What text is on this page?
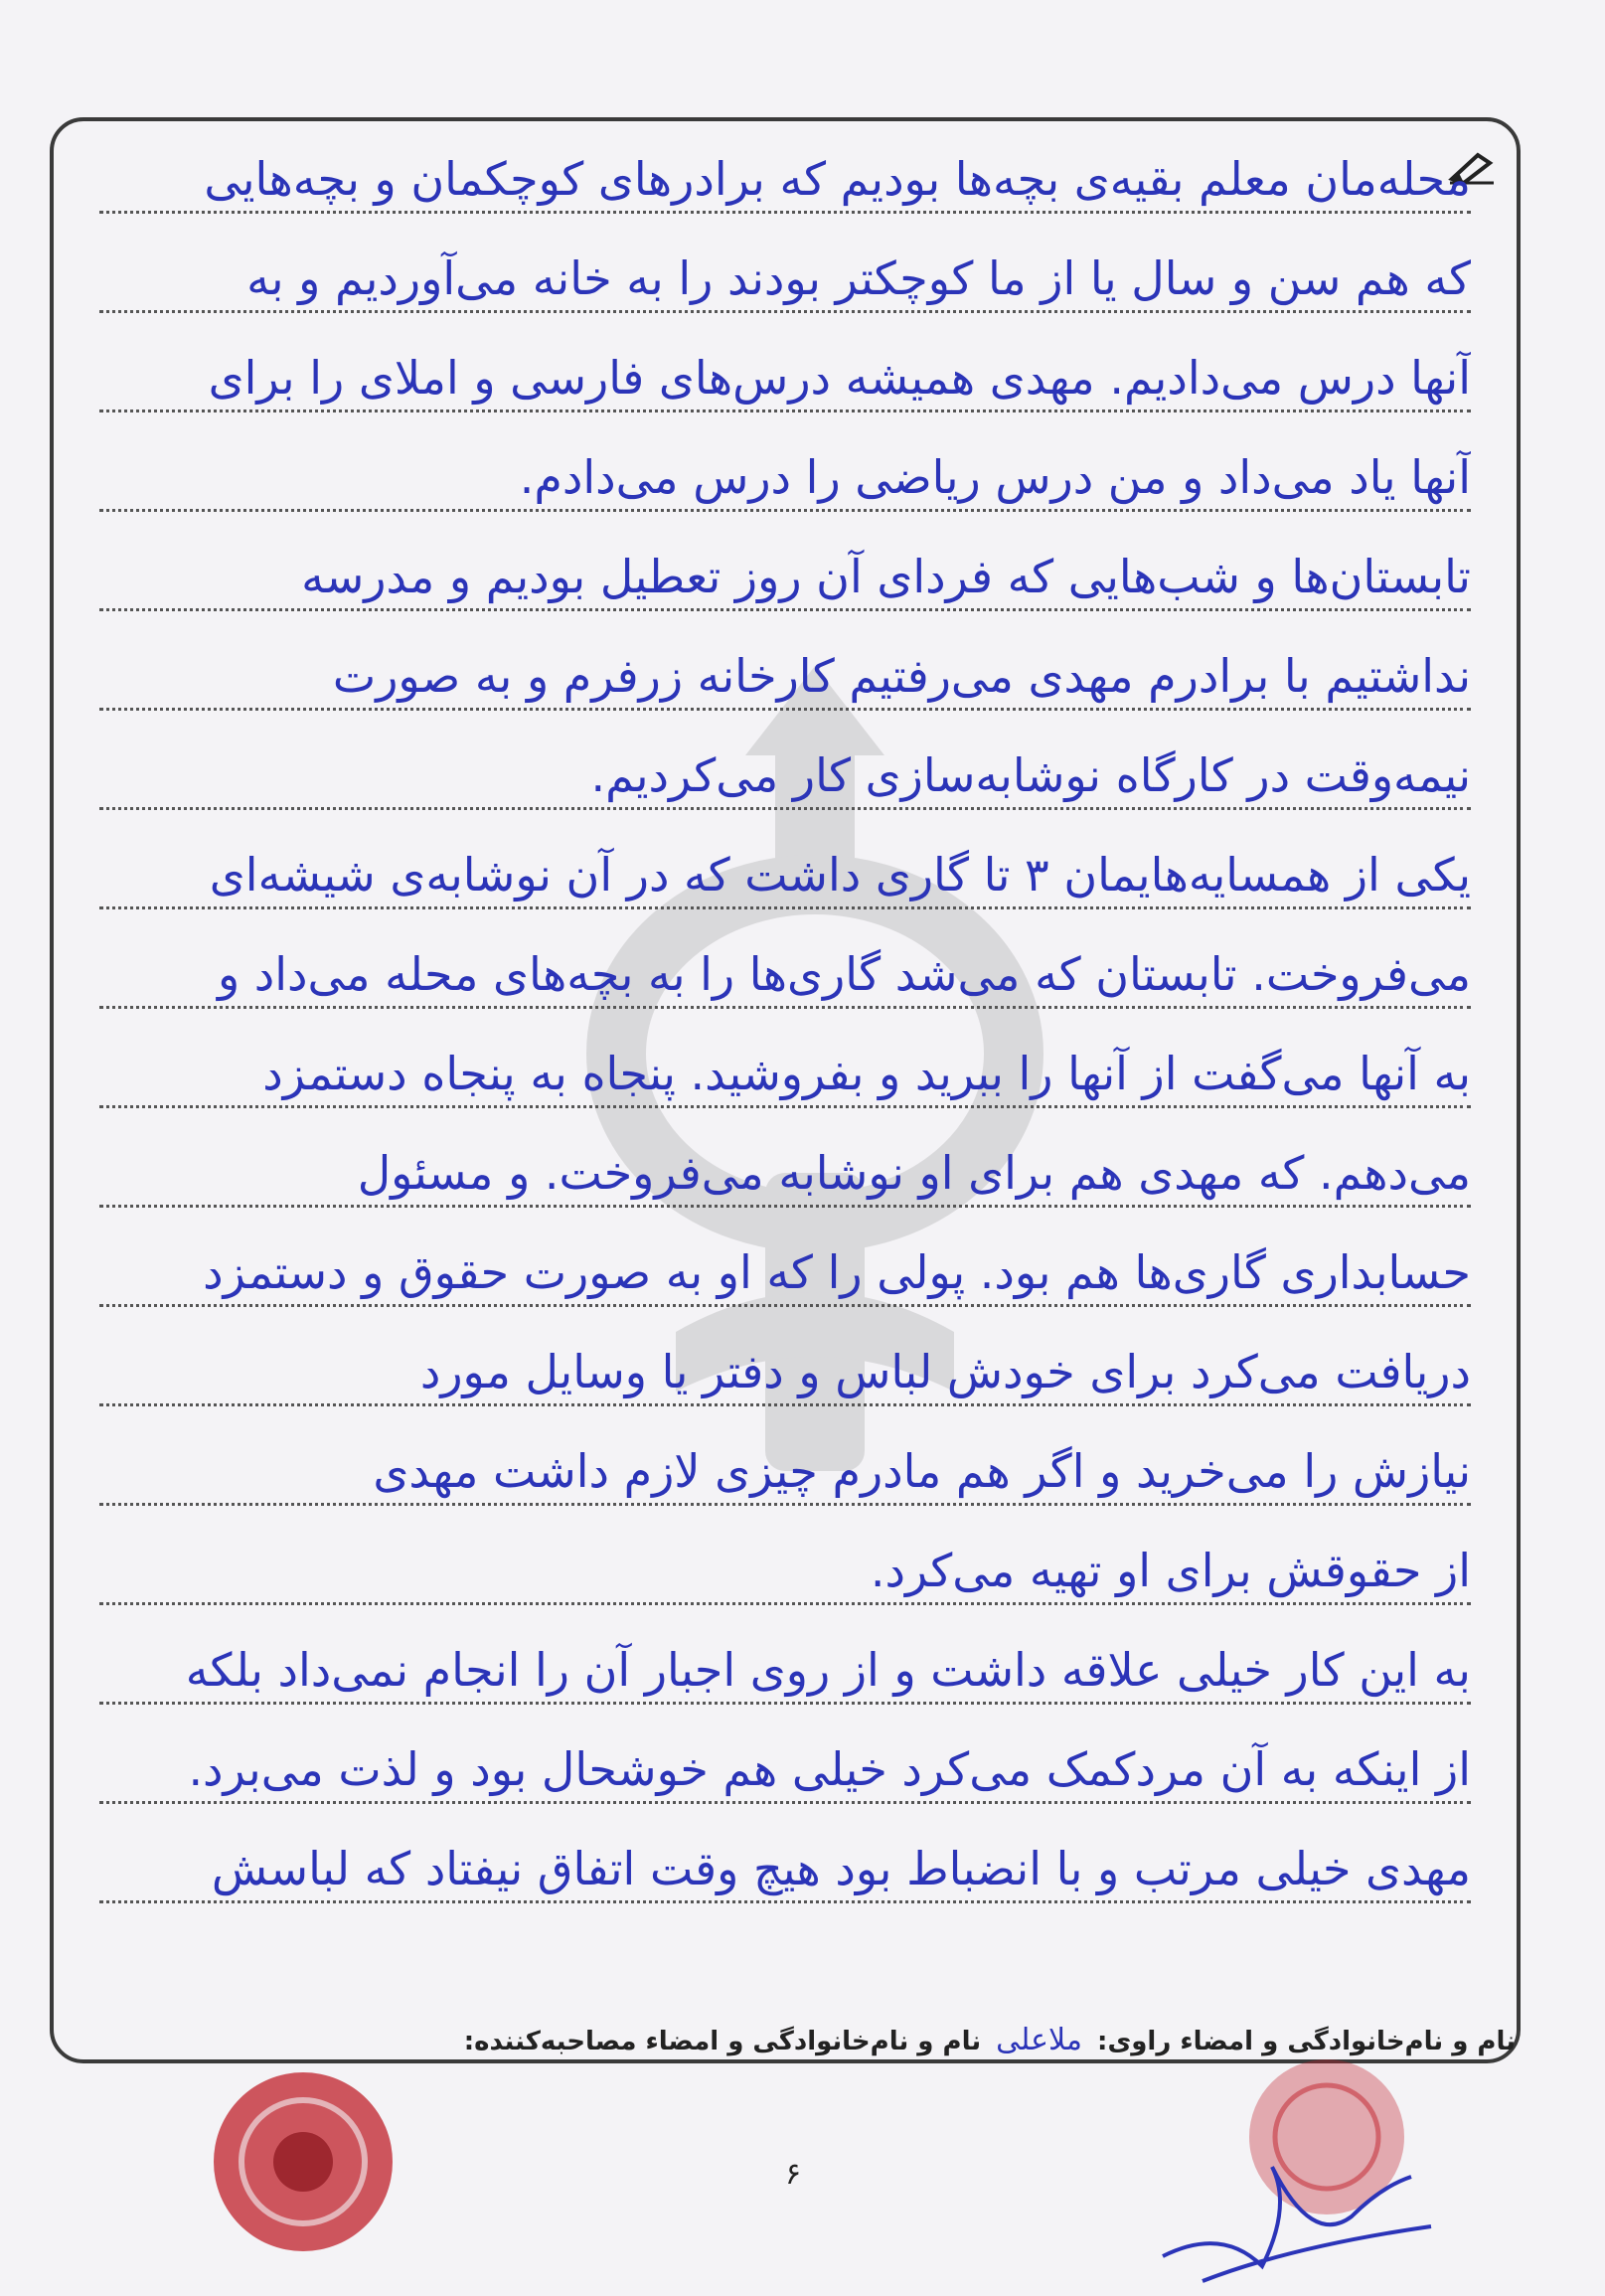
محله‌مان معلم بقیه‌ی بچه‌ها بودیم که برادرهای کوچکمان و بچه‌هایی
که هم سن و سال یا از ما کوچکتر بودند را به خانه می‌آوردیم و به
آنها درس می‌دادیم. مهدی همیشه درس‌های فارسی و املای را برای
آنها یاد می‌داد و من درس ریاضی را درس می‌دادم.
تابستان‌ها و شب‌هایی که فردای آن روز تعطیل بودیم و مدرسه
نداشتیم با برادرم مهدی می‌رفتیم کارخانه زرفرم و به صورت
نیمه‌وقت در کارگاه نوشابه‌سازی کار می‌کردیم.
یکی از همسایه‌هایمان ۳ تا گاری داشت که در آن نوشابه‌ی شیشه‌ای
می‌فروخت. تابستان که می‌شد گاری‌ها را به بچه‌های محله می‌داد و
به آنها می‌گفت از آنها را ببرید و بفروشید. پنجاه به پنجاه دستمزد
می‌دهم. که مهدی هم برای او نوشابه می‌فروخت. و مسئول
حسابداری گاری‌ها هم بود. پولی را که او به صورت حقوق و دستمزد
دریافت می‌کرد برای خودش لباس و دفتر یا وسایل مورد
نیازش را می‌خرید و اگر هم مادرم چیزی لازم داشت مهدی
از حقوقش برای او تهیه می‌کرد.
به این کار خیلی علاقه داشت و از روی اجبار آن را انجام نمی‌داد بلکه
از اینکه به آن مردکمک می‌کرد خیلی هم خوشحال بود و لذت می‌برد.
مهدی خیلی مرتب و با انضباط بود هیچ وقت اتفاق نیفتاد که لباسش
نام و نام‌خانوادگی و امضاء راوی: ملاعلی نام و نام‌خانوادگی و امضاء مصاحبه‌کننده:
۶
